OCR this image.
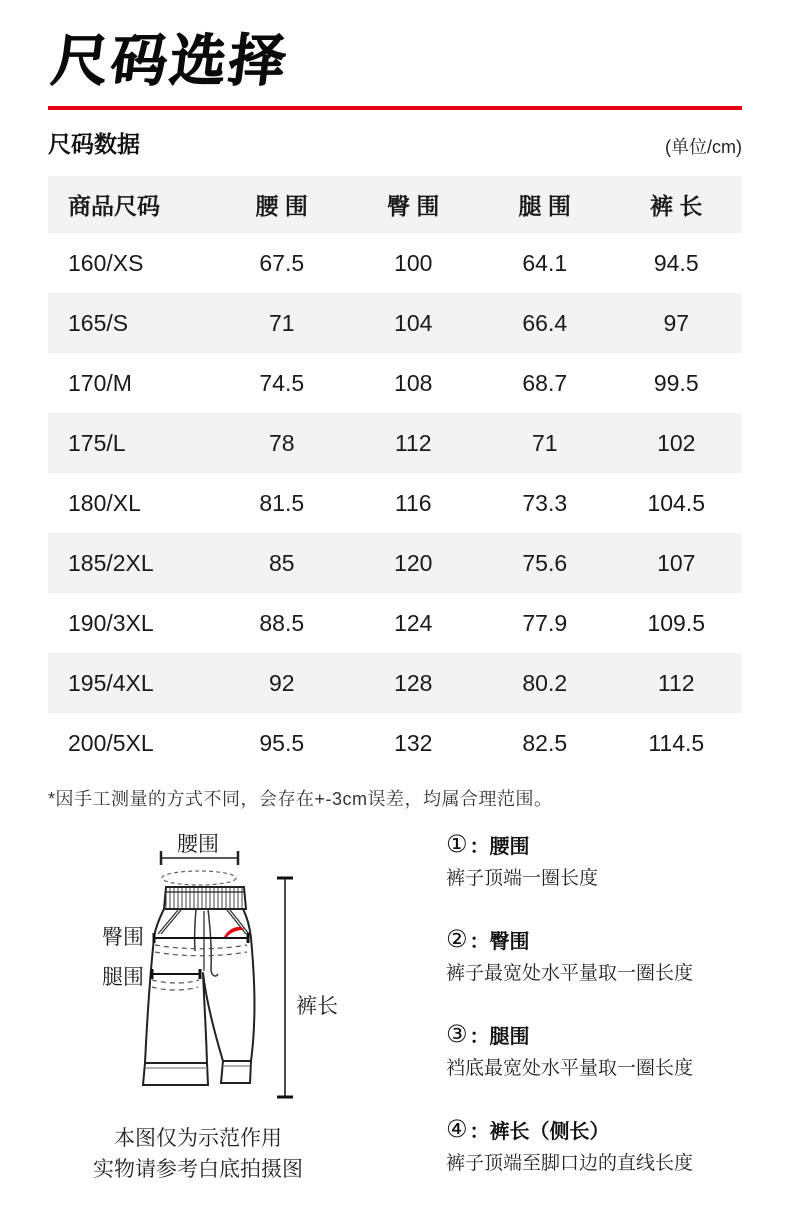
尺码选择
尺码数据	(单位/cm)
商品尺码	腰 围	臀 围	腿 围	裤 长
160/XS	67.5	100	64.1	94.5
165/S	71	104	66.4	97
170/M	74.5	108	68.7	99.5
175/L	78	112	71	102
180/XL	81.5	116	73.3	104.5
185/2XL	85	120	75.6	107
190/3XL	88.5	124	77.9	109.5
195/4XL	92	128	80.2	112
200/5XL	95.5	132	82.5	114.5

*因手工测量的方式不同，会存在+-3cm误差，均属合理范围。

腰围
臀围
腿围
裤长
本图仅为示范作用
实物请参考白底拍摄图
① ： 腰围
裤子顶端一圈长度
② ： 臀围
裤子最宽处水平量取一圈长度
③ ： 腿围
裆底最宽处水平量取一圈长度
④ ： 裤长（侧长）
裤子顶端至脚口边的直线长度
